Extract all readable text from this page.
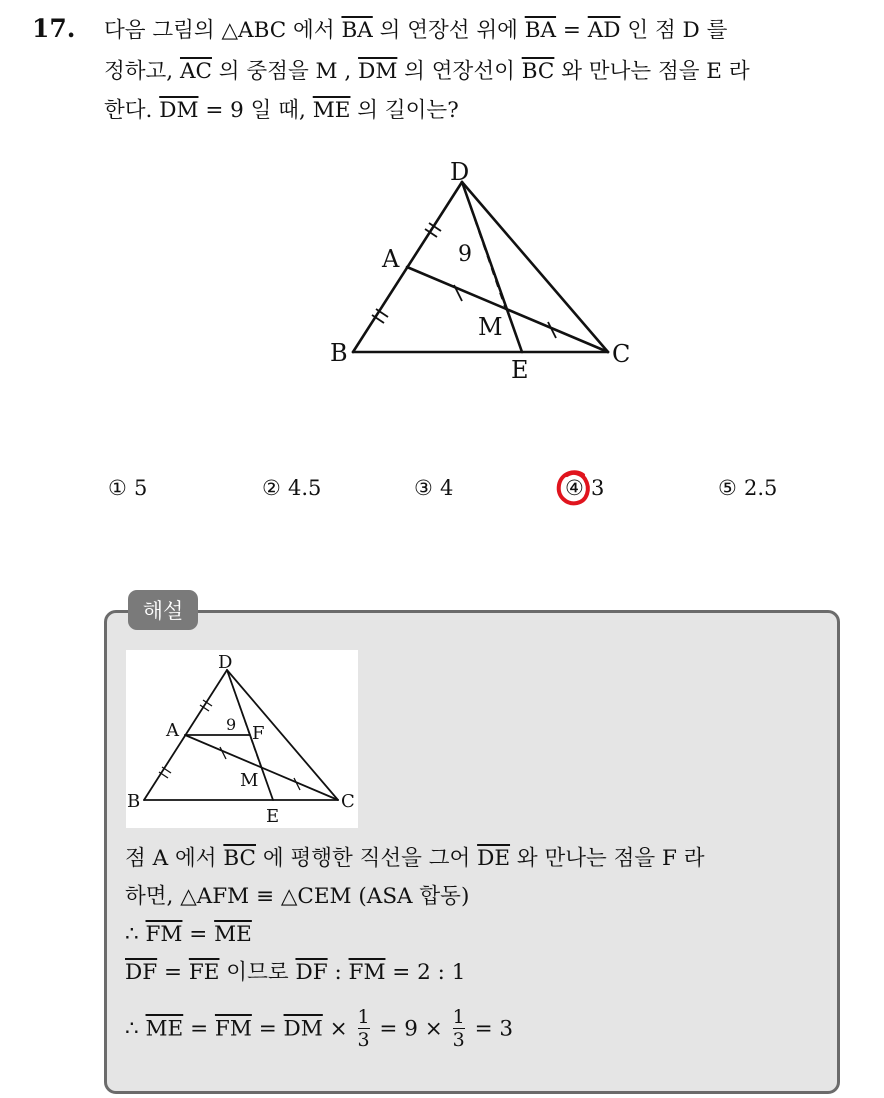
17. 다음 그림의 △ABC 에서 $\overline{BA}$ 의 연장선 위에 $\overline{BA} = \overline{AD}$ 인 점 D 를
정하고, $\overline{AC}$ 의 중점을 M , $\overline{DM}$ 의 연장선이 $\overline{BC}$ 와 만나는 점을 E 라
한다. $\overline{DM} = 9$ 일 때, $\overline{ME}$ 의 길이는?
D
A
B	C
M
E
9
① 5	② 4.5	③ 4	④ 3	⑤ 2.5
해설
D
A
B	C
M
E
F
9
점 A 에서 $\overline{BC}$ 에 평행한 직선을 그어 $\overline{DE}$ 와 만나는 점을 F 라
하면, △AFM ≡ △CEM (ASA 합동)
∴ $\overline{FM} = \overline{ME}$
$\overline{DF} = \overline{FE}$ 이므로 $\overline{DF}$ : $\overline{FM} = 2$ : 1
∴ $\overline{ME} = \overline{FM} = \overline{DM} \times \frac{1}{3} = 9 \times \frac{1}{3} = 3$
